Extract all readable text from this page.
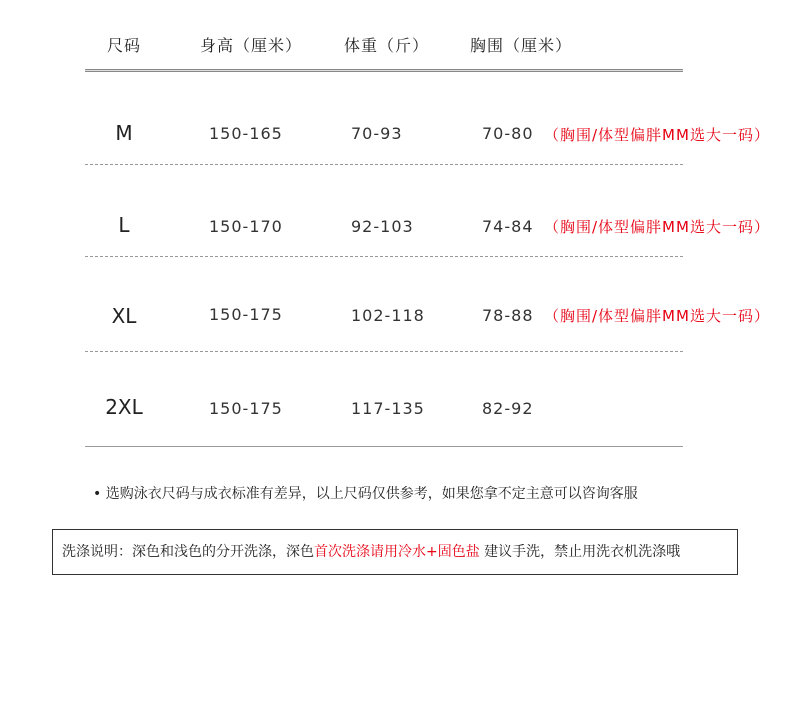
尺码	身高（厘米）	体重（斤）	胸围（厘米）
M	150-165	70-93	70-80 （胸围/体型偏胖MM选大一码）
L	150-170	92-103	74-84 （胸围/体型偏胖MM选大一码）
XL	150-175	102-118	78-88 （胸围/体型偏胖MM选大一码）
2XL	150-175	117-135	82-92
• 选购泳衣尺码与成衣标准有差异，以上尺码仅供参考，如果您拿不定主意可以咨询客服
洗涤说明：深色和浅色的分开洗涤，深色首次洗涤请用冷水+固色盐 建议手洗，禁止用洗衣机洗涤哦
